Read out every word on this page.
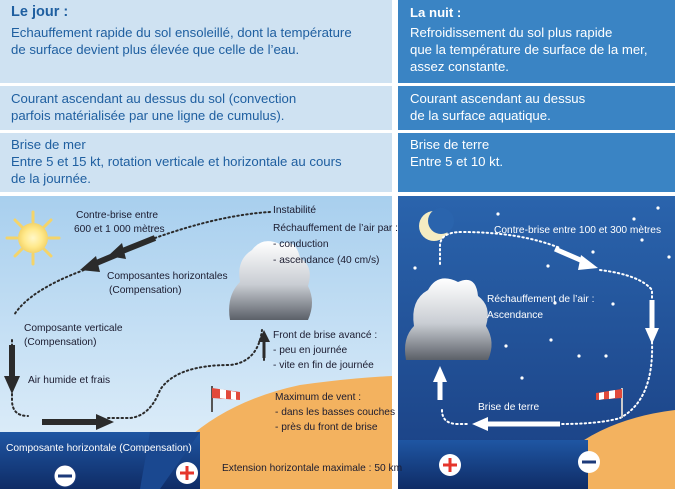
Le jour :
Echauffement rapide du sol ensoleillé, dont la température
de surface devient plus élevée que celle de l’eau.
Courant ascendant au dessus du sol (convection
parfois matérialisée par une ligne de cumulus).
Brise de mer
Entre 5 et 15 kt, rotation verticale et horizontale au cours
de la journée.
La nuit :
Refroidissement du sol plus rapide
que la température de surface de la mer,
assez constante.
Courant ascendant au dessus
de la surface aquatique.
Brise de terre
Entre 5 et 10 kt.
Contre-brise entre
600 et 1 000 mètres
Instabilité
Réchauffement de l’air par :
- conduction
- ascendance (40 cm/s)
Composantes horizontales
(Compensation)
Composante verticale
(Compensation)
Front de brise avancé :
- peu en journée
- vite en fin de journée
Air humide et frais
Maximum de vent :
- dans les basses couches
- près du front de brise
Composante horizontale (Compensation)
Extension horizontale maximale : 50 km
Contre-brise entre 100 et 300 mètres
Réchauffement de l’air :
Ascendance
Brise de terre
